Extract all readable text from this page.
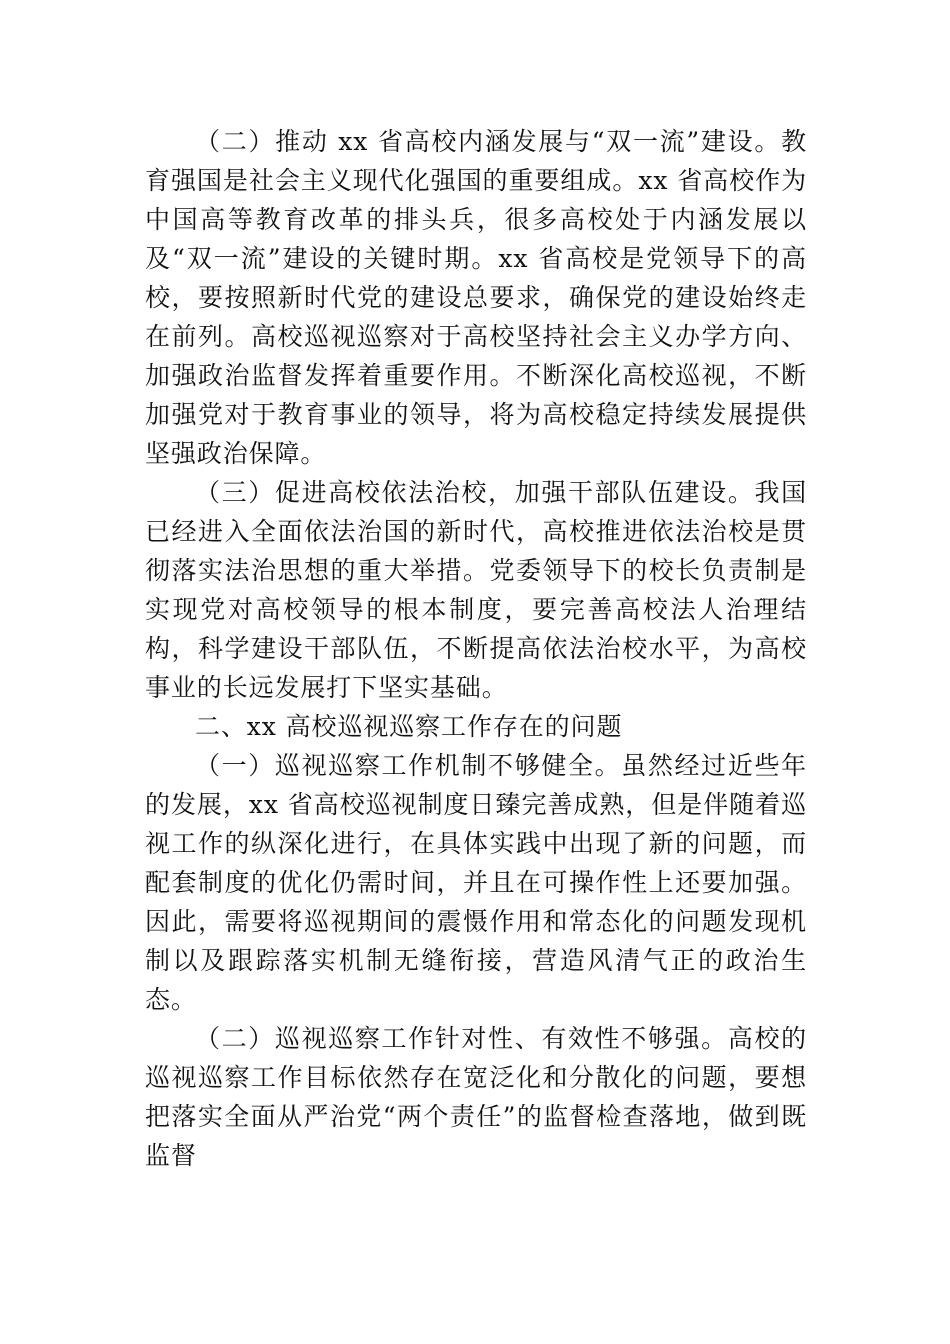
（二）推动 xx 省高校内涵发展与“双一流”建设。教育强国是社会主义现代化强国的重要组成。xx 省高校作为中国高等教育改革的排头兵，很多高校处于内涵发展以及“双一流”建设的关键时期。xx 省高校是党领导下的高校，要按照新时代党的建设总要求，确保党的建设始终走在前列。高校巡视巡察对于高校坚持社会主义办学方向、加强政治监督发挥着重要作用。不断深化高校巡视，不断加强党对于教育事业的领导，将为高校稳定持续发展提供坚强政治保障。

（三）促进高校依法治校，加强干部队伍建设。我国已经进入全面依法治国的新时代，高校推进依法治校是贯彻落实法治思想的重大举措。党委领导下的校长负责制是实现党对高校领导的根本制度，要完善高校法人治理结构，科学建设干部队伍，不断提高依法治校水平，为高校事业的长远发展打下坚实基础。

二、xx 高校巡视巡察工作存在的问题

（一）巡视巡察工作机制不够健全。虽然经过近些年的发展，xx 省高校巡视制度日臻完善成熟，但是伴随着巡视工作的纵深化进行，在具体实践中出现了新的问题，而配套制度的优化仍需时间，并且在可操作性上还要加强。因此，需要将巡视期间的震慑作用和常态化的问题发现机制以及跟踪落实机制无缝衔接，营造风清气正的政治生态。

（二）巡视巡察工作针对性、有效性不够强。高校的巡视巡察工作目标依然存在宽泛化和分散化的问题，要想把落实全面从严治党“两个责任”的监督检查落地，做到既监督
